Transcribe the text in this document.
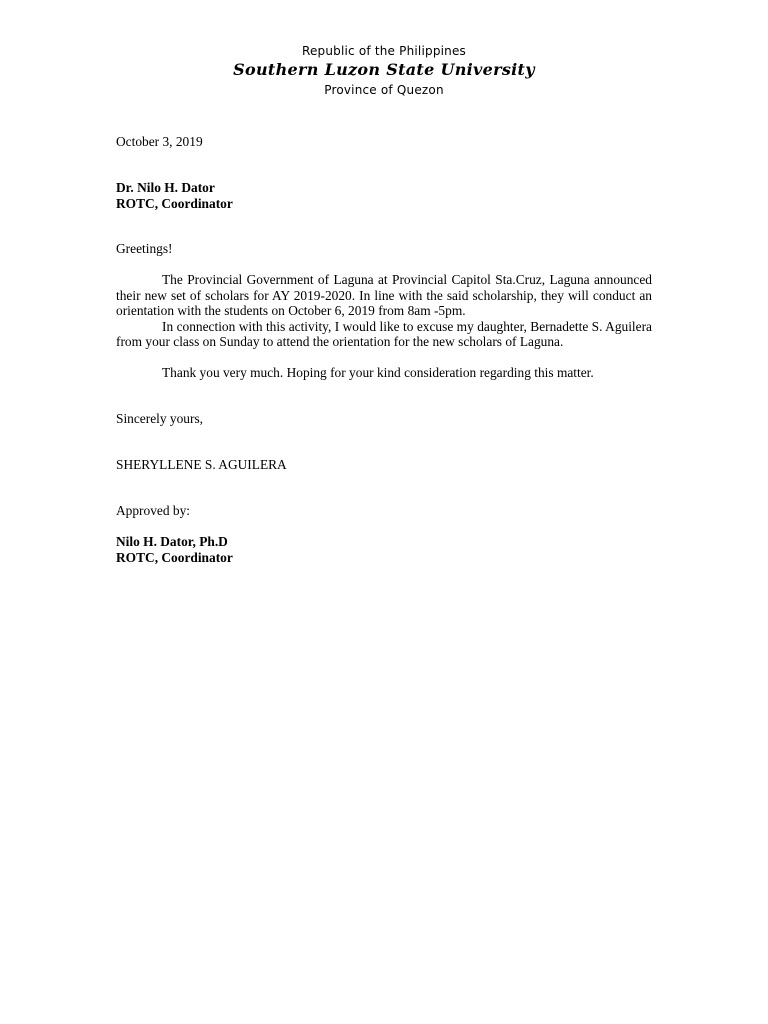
Republic of the Philippines
Southern Luzon State University
Province of Quezon
October 3, 2019
Dr. Nilo H. Dator
ROTC, Coordinator
Greetings!

The Provincial Government of Laguna at Provincial Capitol Sta.Cruz, Laguna announced their new set of scholars for AY 2019-2020. In line with the said scholarship, they will conduct an orientation with the students on October 6, 2019 from 8am -5pm.

In connection with this activity, I would like to excuse my daughter, Bernadette S. Aguilera from your class on Sunday to attend the orientation for the new scholars of Laguna.

Thank you very much. Hoping for your kind consideration regarding this matter.

Sincerely yours,
SHERYLLENE S. AGUILERA
Approved by:
Nilo H. Dator, Ph.D
ROTC, Coordinator
